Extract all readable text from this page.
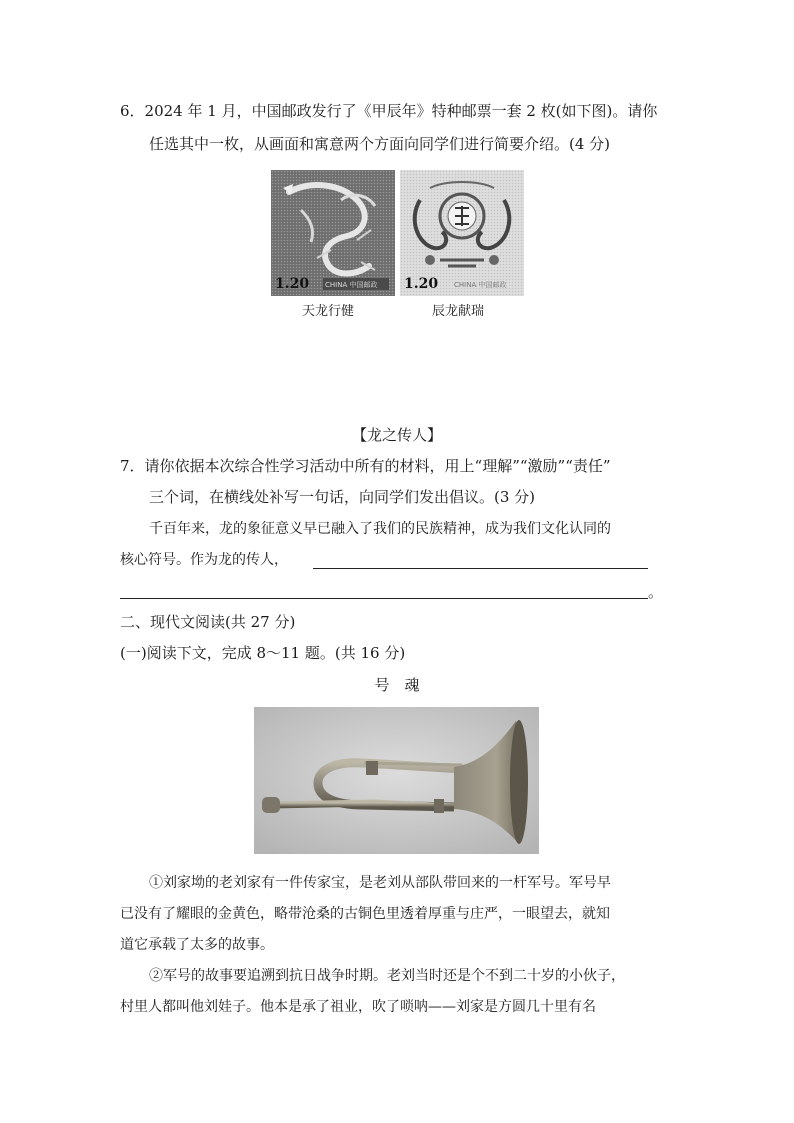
6．2024 年 1 月，中国邮政发行了《甲辰年》特种邮票一套 2 枚(如下图)。请你
任选其中一枚，从画面和寓意两个方面向同学们进行简要介绍。(4 分)
1.20 CHINA 中国邮政 1.20 CHINA 中国邮政
天龙行健	辰龙献瑞
【龙之传人】
7．请你依据本次综合性学习活动中所有的材料，用上“理解”“激励”“责任”
三个词，在横线处补写一句话，向同学们发出倡议。(3 分)
千百年来，龙的象征意义早已融入了我们的民族精神，成为我们文化认同的
核心符号。作为龙的传人，
。
二、现代文阅读(共 27 分)
(一)阅读下文，完成 8～11 题。(共 16 分)
号　魂
①刘家坳的老刘家有一件传家宝，是老刘从部队带回来的一杆军号。军号早
已没有了耀眼的金黄色，略带沧桑的古铜色里透着厚重与庄严，一眼望去，就知
道它承载了太多的故事。
②军号的故事要追溯到抗日战争时期。老刘当时还是个不到二十岁的小伙子，
村里人都叫他刘娃子。他本是承了祖业，吹了唢呐——刘家是方圆几十里有名
